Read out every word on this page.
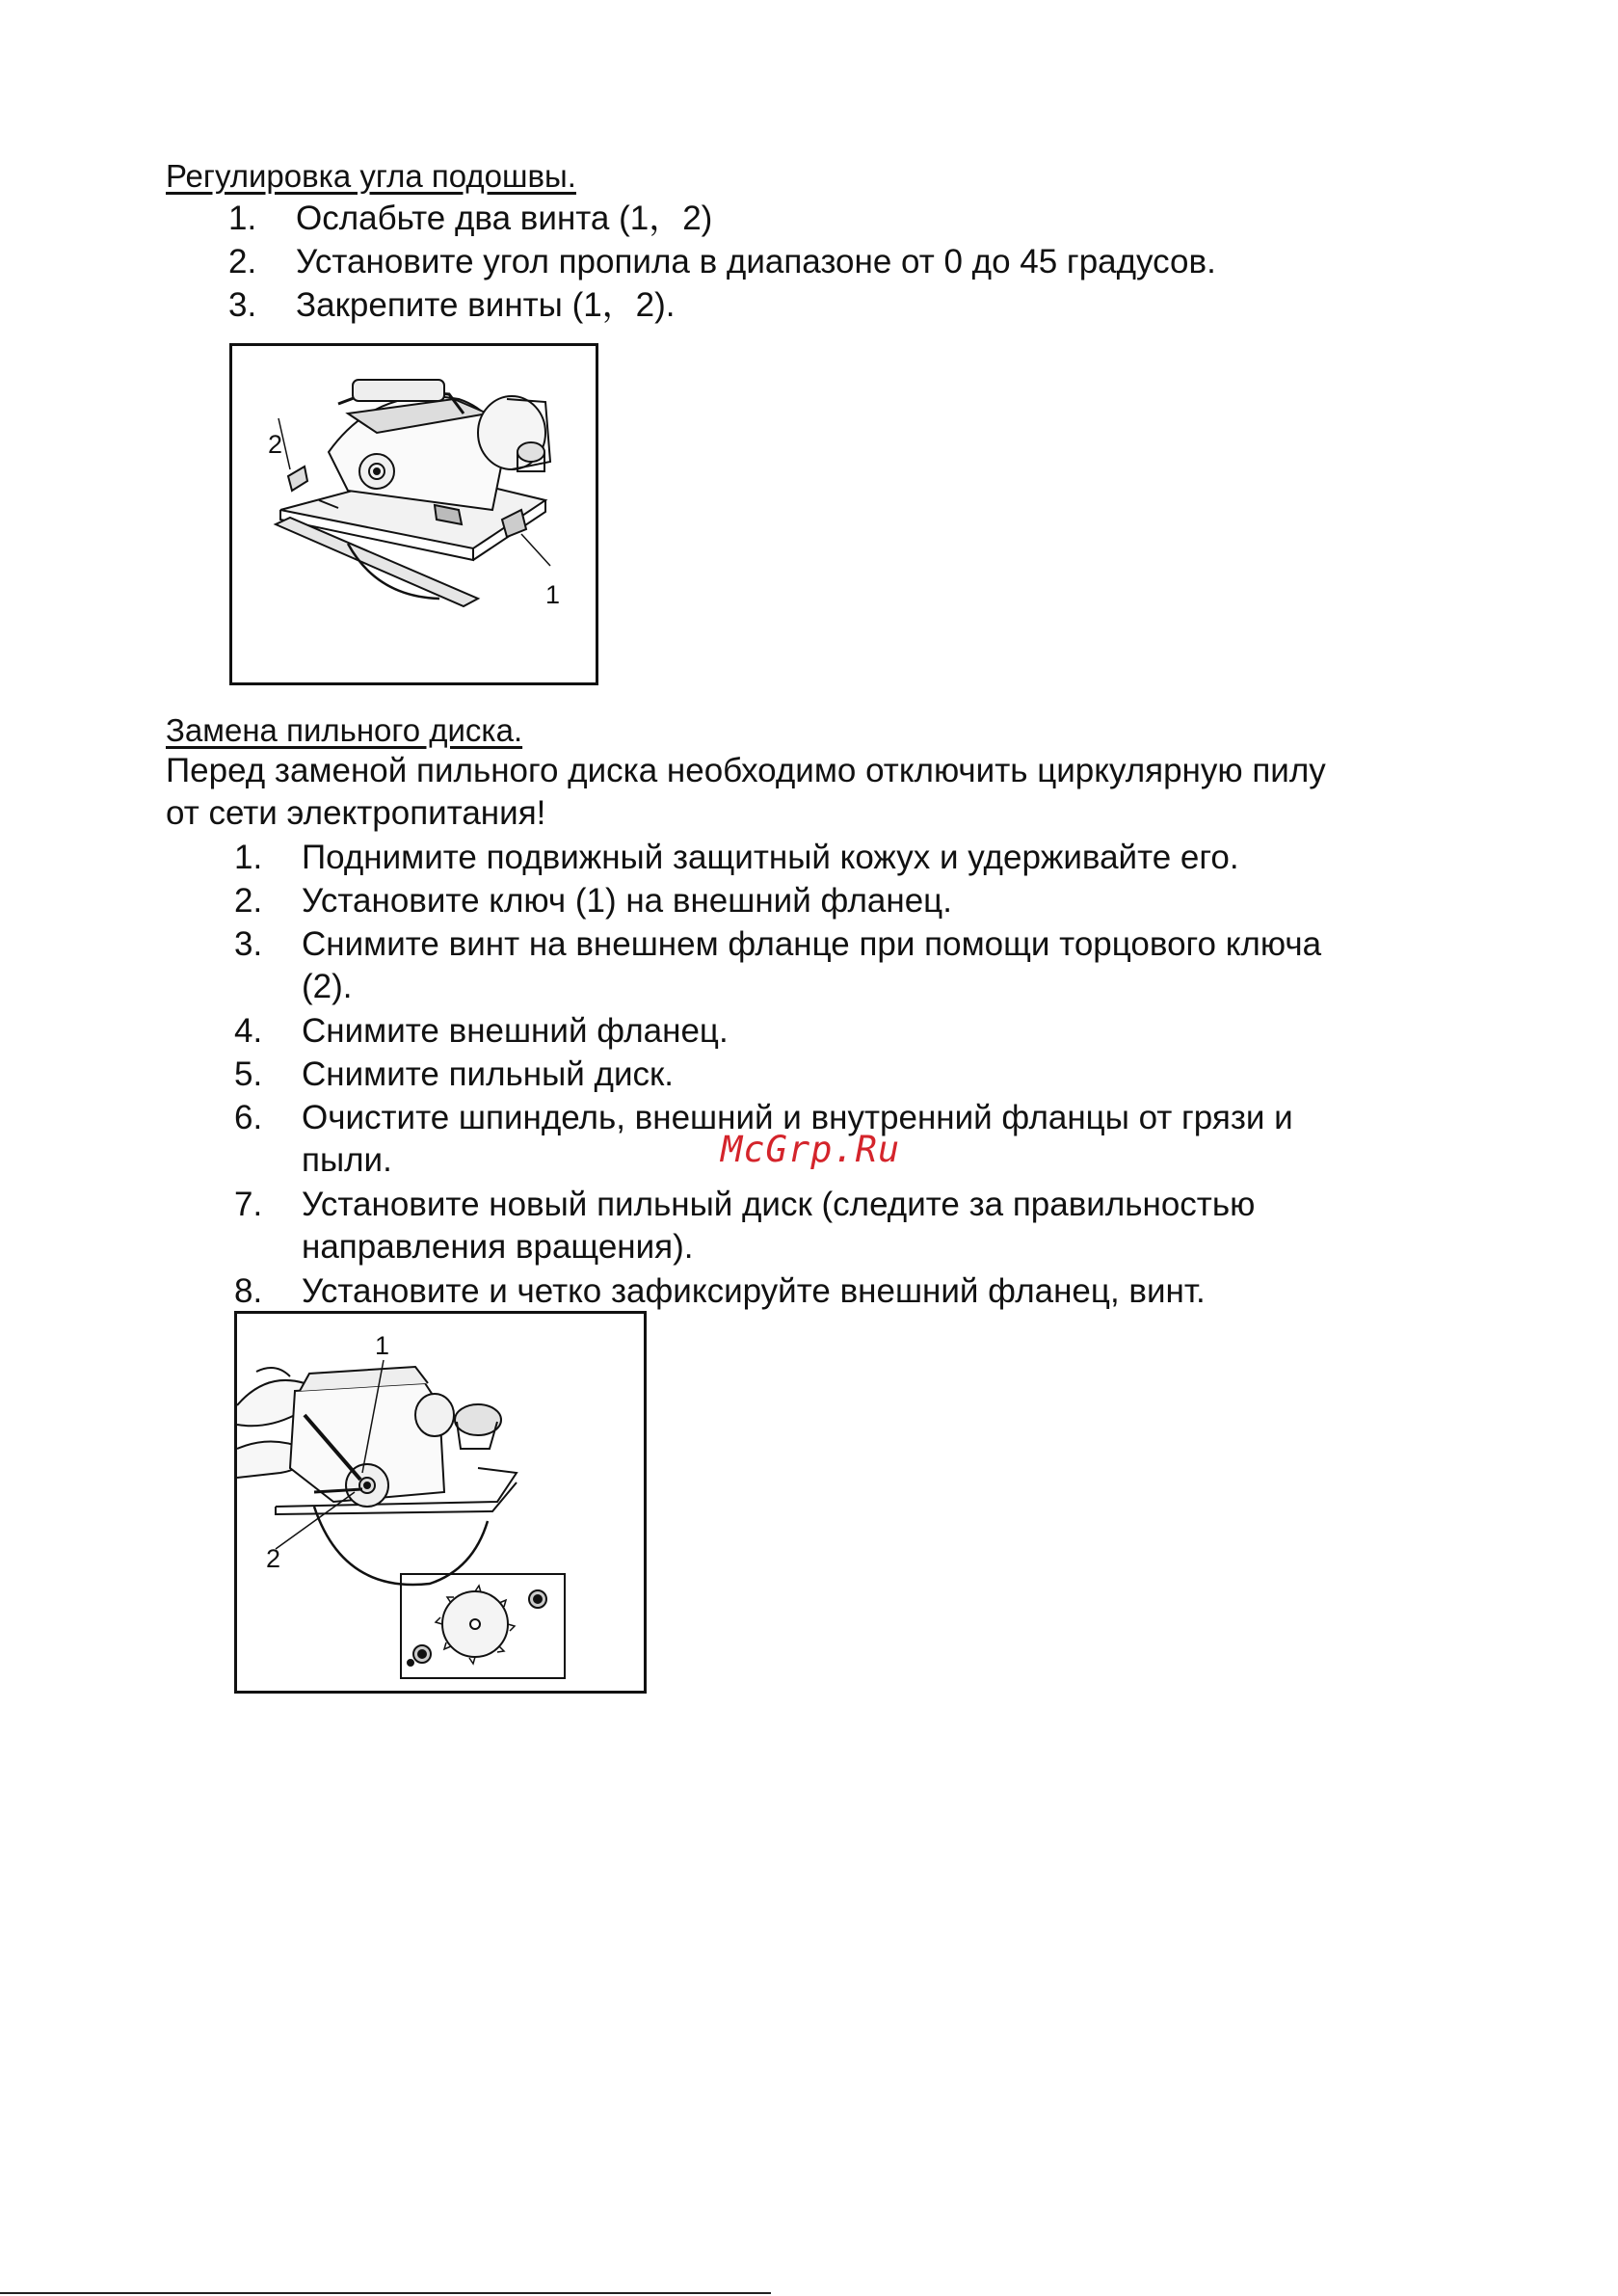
Регулировка угла подошвы.
1. Ослабьте два винта (1，2)
2. Установите угол пропила в диапазоне от 0 до 45 градусов.
3. Закрепите винты (1，2).
2
1
Замена пильного диска.
Перед заменой пильного диска необходимо отключить циркулярную пилу
от сети электропитания!
1. Поднимите подвижный защитный кожух и удерживайте его.
2. Установите ключ (1) на внешний фланец.
3. Снимите винт на внешнем фланце при помощи торцового ключа
(2).
4. Снимите внешний фланец.
5. Снимите пильный диск.
6. Очистите шпиндель, внешний и внутренний фланцы от грязи и
пыли.
7. Установите новый пильный диск (следите за правильностью
направления вращения).
8. Установите и четко зафиксируйте внешний фланец, винт.
McGrp.Ru
1
2
